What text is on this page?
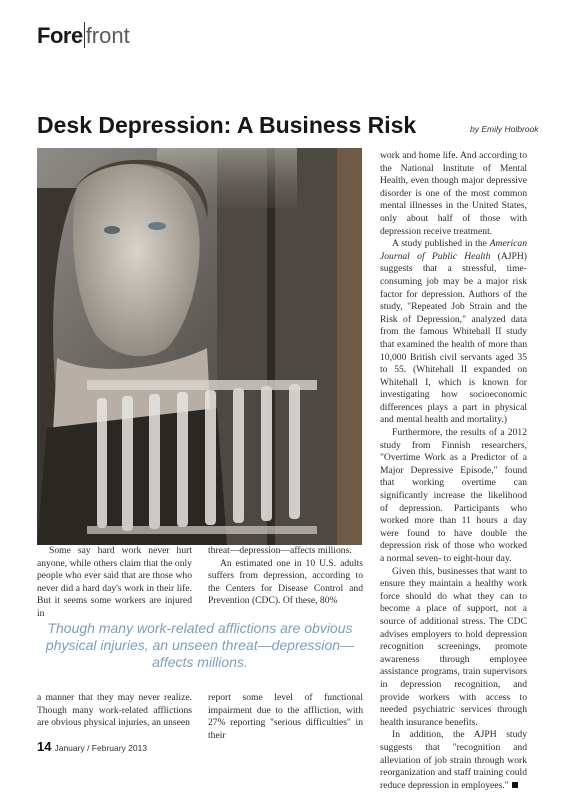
Fore front
Desk Depression: A Business Risk	by Emily Holbrook

Some say hard work never hurt anyone, while others claim that the only people who ever said that are those who never did a hard day's work in their life. But it seems some workers are injured in

threat—depression—affects millions.

An estimated one in 10 U.S. adults suffers from depression, according to the Centers for Disease Control and Prevention (CDC). Of these, 80%

Though many work-related afflictions are obvious physical injuries, an unseen threat—depression—affects millions.

a manner that they may never realize. Though many work-related afflictions are obvious physical injuries, an unseen

report some level of functional impairment due to the affliction, with 27% reporting "serious difficulties" in their

work and home life. And according to the National Institute of Mental Health, even though major depressive disorder is one of the most common mental illnesses in the United States, only about half of those with depression receive treatment.

A study published in the American Journal of Public Health (AJPH) suggests that a stressful, time-consuming job may be a major risk factor for depression. Authors of the study, "Repeated Job Strain and the Risk of Depression," analyzed data from the famous Whitehall II study that examined the health of more than 10,000 British civil servants aged 35 to 55. (Whitehall II expanded on Whitehall I, which is known for investigating how socioeconomic differences plays a part in physical and mental health and mortality.)

Furthermore, the results of a 2012 study from Finnish researchers, "Overtime Work as a Predictor of a Major Depressive Episode," found that working overtime can significantly increase the likelihood of depression. Participants who worked more than 11 hours a day were found to have double the depression risk of those who worked a normal seven- to eight-hour day.

Given this, businesses that want to ensure they maintain a healthy work force should do what they can to become a place of support, not a source of additional stress. The CDC advises employers to hold depression recognition screenings, promote awareness through employee assistance programs, train supervisors in depression recognition, and provide workers with access to needed psychiatric services through health insurance benefits.

In addition, the AJPH study suggests that "recognition and alleviation of job strain through work reorganization and staff training could reduce depression in employees."

14 January / February 2013
